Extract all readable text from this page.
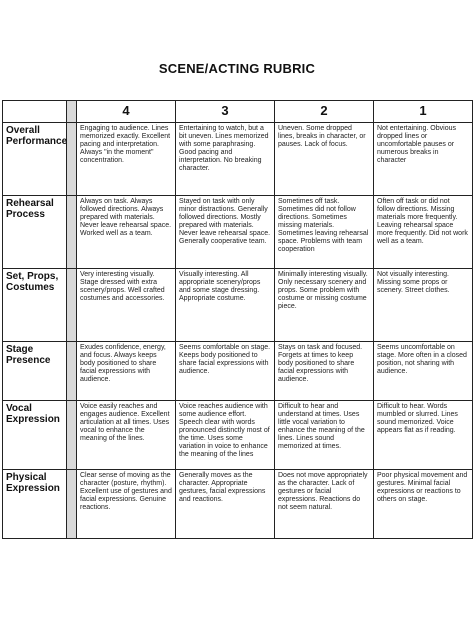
SCENE/ACTING RUBRIC
		4	3	2	1
Overall Performance		Engaging to audience. Lines memorized exactly. Excellent pacing and interpretation. Always "in the moment" concentration.	Entertaining to watch, but a bit uneven. Lines memorized with some paraphrasing. Good pacing and interpretation. No breaking character.	Uneven. Some dropped lines, breaks in character, or pauses. Lack of focus.	Not entertaining. Obvious dropped lines or uncomfortable pauses or numerous breaks in character
Rehearsal Process		Always on task. Always followed directions. Always prepared with materials. Never leave rehearsal space. Worked well as a team.	Stayed on task with only minor distractions. Generally followed directions. Mostly prepared with materials. Never leave rehearsal space. Generally cooperative team.	Sometimes off task. Sometimes did not follow directions. Sometimes missing materials. Sometimes leaving rehearsal space. Problems with team cooperation	Often off task or did not follow directions. Missing materials more frequently. Leaving rehearsal space more frequently. Did not work well as a team.
Set, Props, Costumes		Very interesting visually. Stage dressed with extra scenery/props. Well crafted costumes and accessories.	Visually interesting. All appropriate scenery/props and some stage dressing. Appropriate costume.	Minimally interesting visually. Only necessary scenery and props. Some problem with costume or missing costume piece.	Not visually interesting. Missing some props or scenery. Street clothes.
Stage Presence		Exudes confidence, energy, and focus. Always keeps body positioned to share facial expressions with audience.	Seems comfortable on stage. Keeps body positioned to share facial expressions with audience.	Stays on task and focused. Forgets at times to keep body positioned to share facial expressions with audience.	Seems uncomfortable on stage. More often in a closed position, not sharing with audience.
Vocal Expression		Voice easily reaches and engages audience. Excellent articulation at all times. Uses vocal to enhance the meaning of the lines.	Voice reaches audience with some audience effort. Speech clear with words pronounced distinctly most of the time. Uses some variation in voice to enhance the meaning of the lines	Difficult to hear and understand at times. Uses little vocal variation to enhance the meaning of the lines. Lines sound memorized at times.	Difficult to hear. Words mumbled or slurred. Lines sound memorized. Voice appears flat as if reading.
Physical Expression		Clear sense of moving as the character (posture, rhythm). Excellent use of gestures and facial expressions. Genuine reactions.	Generally moves as the character. Appropriate gestures, facial expressions and reactions.	Does not move appropriately as the character. Lack of gestures or facial expressions. Reactions do not seem natural.	Poor physical movement and gestures. Minimal facial expressions or reactions to others on stage.
